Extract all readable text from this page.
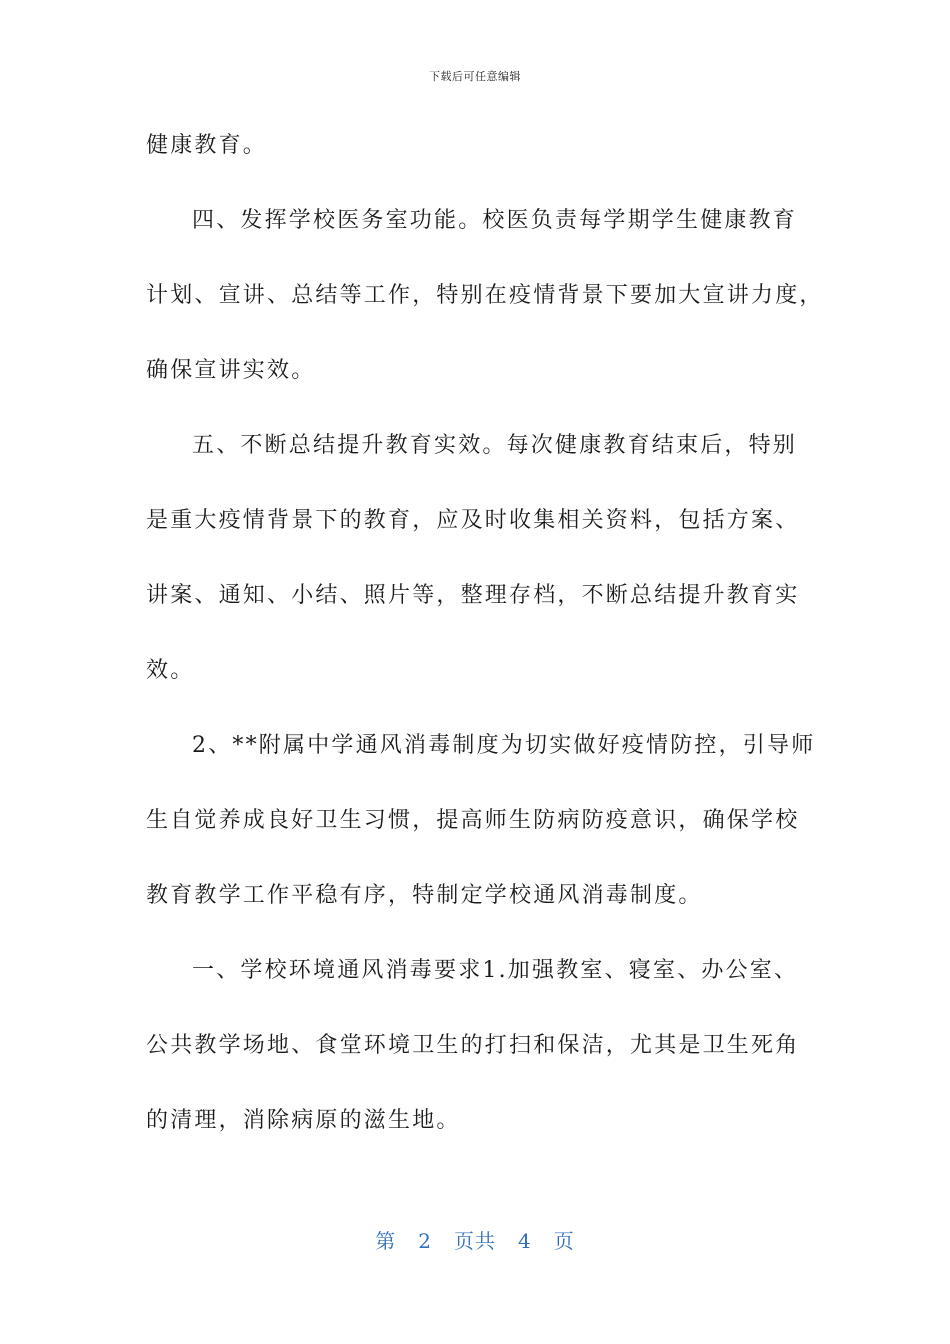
下载后可任意编辑
健康教育。
四、发挥学校医务室功能。校医负责每学期学生健康教育
计划、宣讲、总结等工作，特别在疫情背景下要加大宣讲力度，
确保宣讲实效。
五、不断总结提升教育实效。每次健康教育结束后，特别
是重大疫情背景下的教育，应及时收集相关资料，包括方案、
讲案、通知、小结、照片等，整理存档，不断总结提升教育实
效。
2、**附属中学通风消毒制度为切实做好疫情防控，引导师
生自觉养成良好卫生习惯，提高师生防病防疫意识，确保学校
教育教学工作平稳有序，特制定学校通风消毒制度。
一、学校环境通风消毒要求1.加强教室、寝室、办公室、
公共教学场地、食堂环境卫生的打扫和保洁，尤其是卫生死角
的清理，消除病原的滋生地。
第 2 页共 4 页
